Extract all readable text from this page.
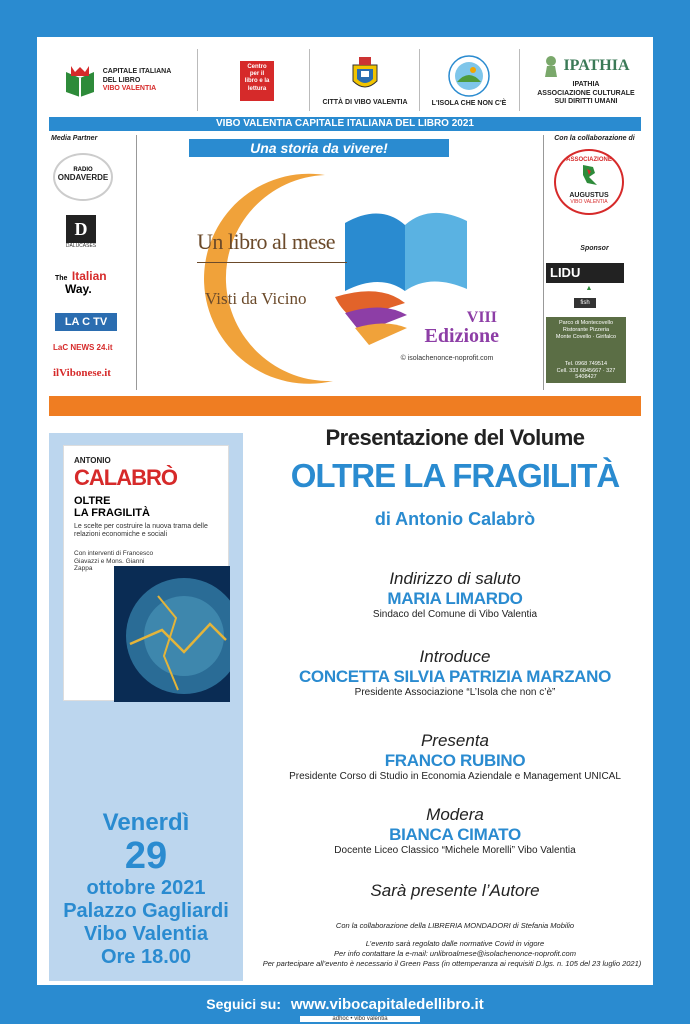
CAPITALE ITALIANA
DEL LIBRO
VIBO VALENTIA
Centro per il libro e la lettura
CITTÀ DI VIBO VALENTIA	L'ISOLA CHE NON C'È
IPATHIA
IPATHIA
ASSOCIAZIONE CULTURALE
SUI DIRITTI UMANI
VIBO VALENTIA CAPITALE ITALIANA DEL LIBRO 2021
Media Partner
RADIO
ONDAVERDE
D
DALUCASES
The Italian
Way.
LA C TV
LaC NEWS 24.it
ilVibonese.it
Una storia da vivere!
Un libro al mese
Visti da Vicino
VIII
Edizione
© isolachenonce-noprofit.com
Con la collaborazione di
ASSOCIAZIONE
AUGUSTUS
VIBO VALENTIA
Sponsor
LIDU
▲
fish
Parco di Montecovello
Ristorante Pizzeria
Monte Covello · Girifalco
Tel. 0968 749514
Cell. 333 6845667 · 327 5408427
ANTONIO
CALABRÒ
OLTRE
LA FRAGILITÀ
Le scelte per costruire la nuova trama delle relazioni economiche e sociali
Con interventi di Francesco Giavazzi e Mons. Gianni Zappa
Venerdì
29
ottobre 2021
Palazzo Gagliardi
Vibo Valentia
Ore 18.00
Presentazione del Volume
OLTRE LA FRAGILITÀ
di Antonio Calabrò
Indirizzo di saluto
MARIA LIMARDO
Sindaco del Comune di Vibo Valentia
Introduce
CONCETTA SILVIA PATRIZIA MARZANO
Presidente Associazione “L’Isola che non c’è”
Presenta
FRANCO RUBINO
Presidente Corso di Studio in Economia Aziendale e Management UNICAL
Modera
BIANCA CIMATO
Docente Liceo Classico “Michele Morelli” Vibo Valentia
Sarà presente l’Autore
Con la collaborazione della LIBRERIA MONDADORI di Stefania Mobilio
L’evento sarà regolato dalle normative Covid in vigore
Per info contattare la e-mail: unlibroalmese@isolachenonce-noprofit.com
Per partecipare all’evento è necessario il Green Pass (in ottemperanza ai requisiti D.lgs. n. 105 del 23 luglio 2021)
Seguici su: www.vibocapitaledellibro.it
adhoc • vibo valentia
